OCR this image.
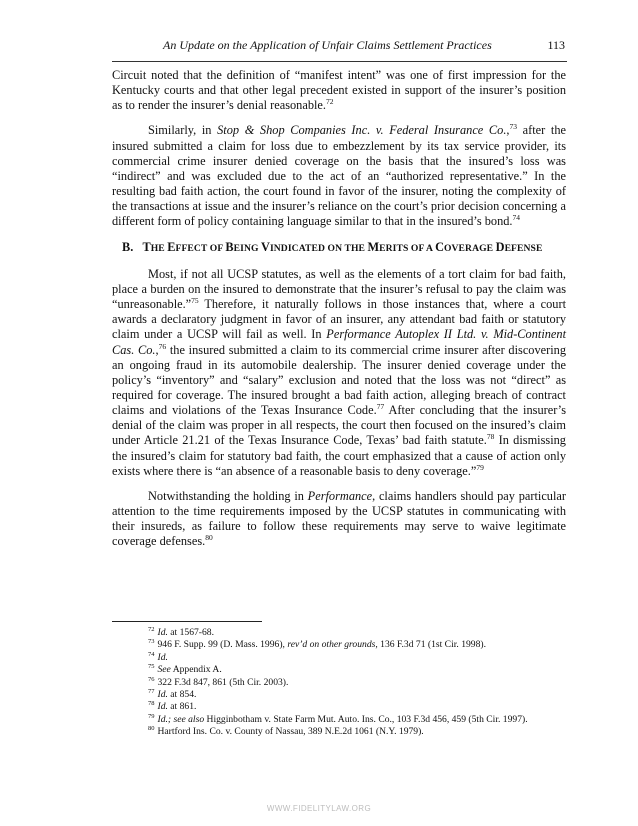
An Update on the Application of Unfair Claims Settlement Practices	113

Circuit noted that the definition of “manifest intent” was one of first impression for the Kentucky courts and that other legal precedent existed in support of the insurer’s position as to render the insurer’s denial reasonable.$^{72}$

Similarly, in Stop & Shop Companies Inc. v. Federal Insurance Co.,$^{73}$ after the insured submitted a claim for loss due to embezzlement by its tax service provider, its commercial crime insurer denied coverage on the basis that the insured’s loss was “indirect” and was excluded due to the act of an “authorized representative.” In the resulting bad faith action, the court found in favor of the insurer, noting the complexity of the transactions at issue and the insurer’s reliance on the court’s prior decision concerning a different form of policy containing language similar to that in the insured’s bond.$^{74}$

B. THE EFFECT OF BEING VINDICATED ON THE MERITS OF A COVERAGE DEFENSE

Most, if not all UCSP statutes, as well as the elements of a tort claim for bad faith, place a burden on the insured to demonstrate that the insurer’s refusal to pay the claim was “unreasonable.”$^{75}$ Therefore, it naturally follows in those instances that, where a court awards a declaratory judgment in favor of an insurer, any attendant bad faith or statutory claim under a UCSP will fail as well. In Performance Autoplex II Ltd. v. Mid-Continent Cas. Co.,$^{76}$ the insured submitted a claim to its commercial crime insurer after discovering an ongoing fraud in its automobile dealership. The insurer denied coverage under the policy’s “inventory” and “salary” exclusion and noted that the loss was not “direct” as required for coverage. The insured brought a bad faith action, alleging breach of contract claims and violations of the Texas Insurance Code.$^{77}$ After concluding that the insurer’s denial of the claim was proper in all respects, the court then focused on the insured’s claim under Article 21.21 of the Texas Insurance Code, Texas’ bad faith statute.$^{78}$ In dismissing the insured’s claim for statutory bad faith, the court emphasized that a cause of action only exists where there is “an absence of a reasonable basis to deny coverage.”$^{79}$

Notwithstanding the holding in Performance, claims handlers should pay particular attention to the time requirements imposed by the UCSP statutes in communicating with their insureds, as failure to follow these requirements may serve to waive legitimate coverage defenses.$^{80}$

$^{72}$ Id. at 1567-68.
$^{73}$ 946 F. Supp. 99 (D. Mass. 1996), rev’d on other grounds, 136 F.3d 71 (1st Cir. 1998).
$^{74}$ Id.
$^{75}$ See Appendix A.
$^{76}$ 322 F.3d 847, 861 (5th Cir. 2003).
$^{77}$ Id. at 854.
$^{78}$ Id. at 861.
$^{79}$ Id.; see also Higginbotham v. State Farm Mut. Auto. Ins. Co., 103 F.3d 456, 459 (5th Cir. 1997).
$^{80}$ Hartford Ins. Co. v. County of Nassau, 389 N.E.2d 1061 (N.Y. 1979).
WWW.FIDELITYLAW.ORG
